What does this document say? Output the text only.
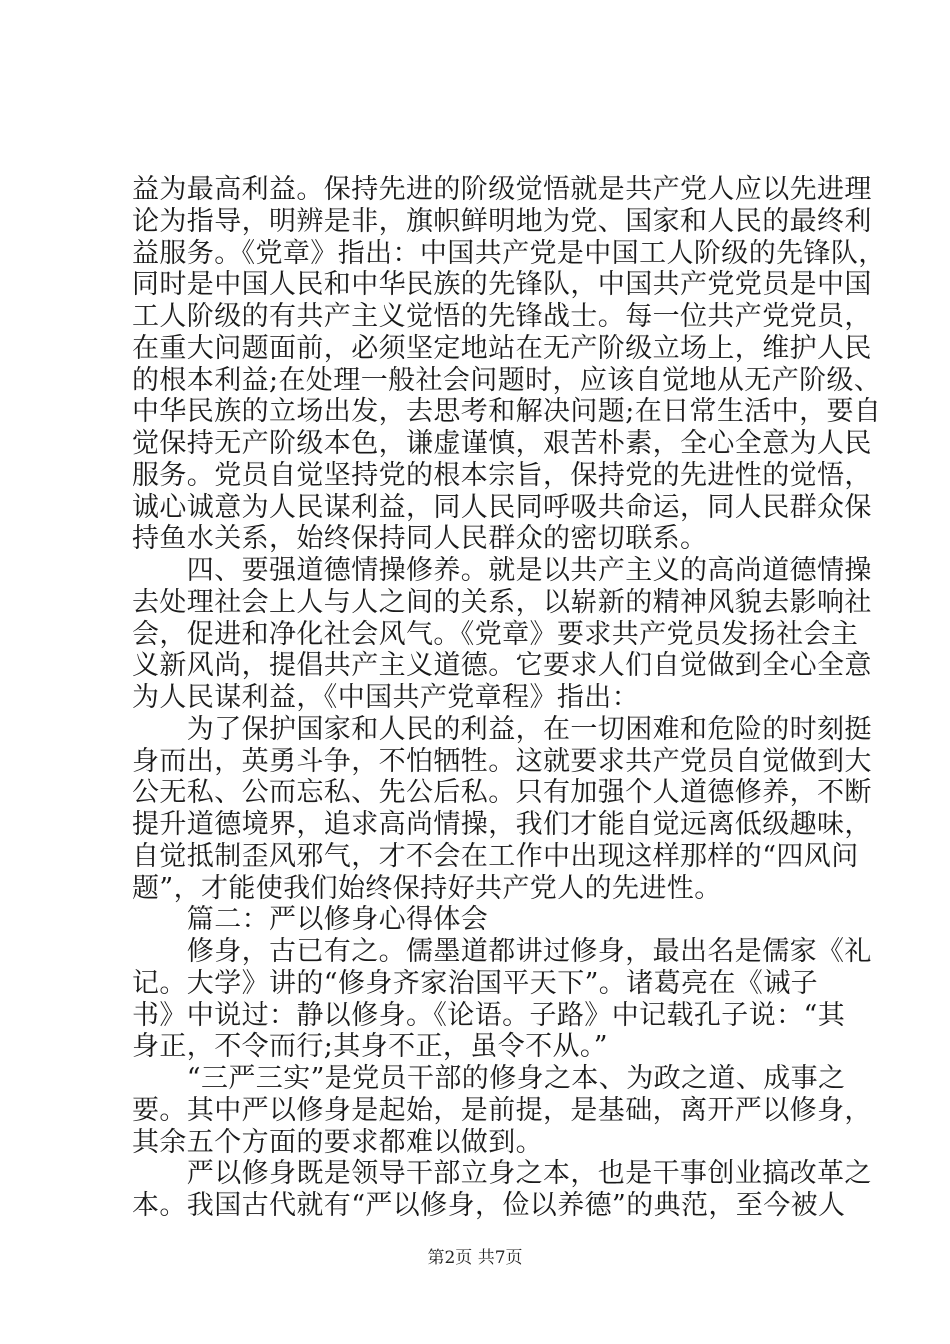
益为最高利益。保持先进的阶级觉悟就是共产党人应以先进理
论为指导，明辨是非，旗帜鲜明地为党、国家和人民的最终利
益服务。《党章》指出：中国共产党是中国工人阶级的先锋队，
同时是中国人民和中华民族的先锋队，中国共产党党员是中国
工人阶级的有共产主义觉悟的先锋战士。每一位共产党党员，
在重大问题面前，必须坚定地站在无产阶级立场上，维护人民
的根本利益;在处理一般社会问题时，应该自觉地从无产阶级、
中华民族的立场出发，去思考和解决问题;在日常生活中，要自
觉保持无产阶级本色，谦虚谨慎，艰苦朴素，全心全意为人民
服务。党员自觉坚持党的根本宗旨，保持党的先进性的觉悟，
诚心诚意为人民谋利益，同人民同呼吸共命运，同人民群众保
持鱼水关系，始终保持同人民群众的密切联系。
　　四、要强道德情操修养。就是以共产主义的高尚道德情操
去处理社会上人与人之间的关系，以崭新的精神风貌去影响社
会，促进和净化社会风气。《党章》要求共产党员发扬社会主
义新风尚，提倡共产主义道德。它要求人们自觉做到全心全意
为人民谋利益，《中国共产党章程》指出：
　　为了保护国家和人民的利益，在一切困难和危险的时刻挺
身而出，英勇斗争，不怕牺牲。这就要求共产党员自觉做到大
公无私、公而忘私、先公后私。只有加强个人道德修养，不断
提升道德境界，追求高尚情操，我们才能自觉远离低级趣味，
自觉抵制歪风邪气，才不会在工作中出现这样那样的“四风问
题”，才能使我们始终保持好共产党人的先进性。
　　篇二：严以修身心得体会
　　修身，古已有之。儒墨道都讲过修身，最出名是儒家《礼
记。大学》讲的“修身齐家治国平天下”。诸葛亮在《诫子
书》中说过：静以修身。《论语。子路》中记载孔子说：“其
身正，不令而行;其身不正，虽令不从。”
　　“三严三实”是党员干部的修身之本、为政之道、成事之
要。其中严以修身是起始，是前提，是基础，离开严以修身，
其余五个方面的要求都难以做到。
　　严以修身既是领导干部立身之本，也是干事创业搞改革之
本。我国古代就有“严以修身，俭以养德”的典范，至今被人
第2页 共7页
